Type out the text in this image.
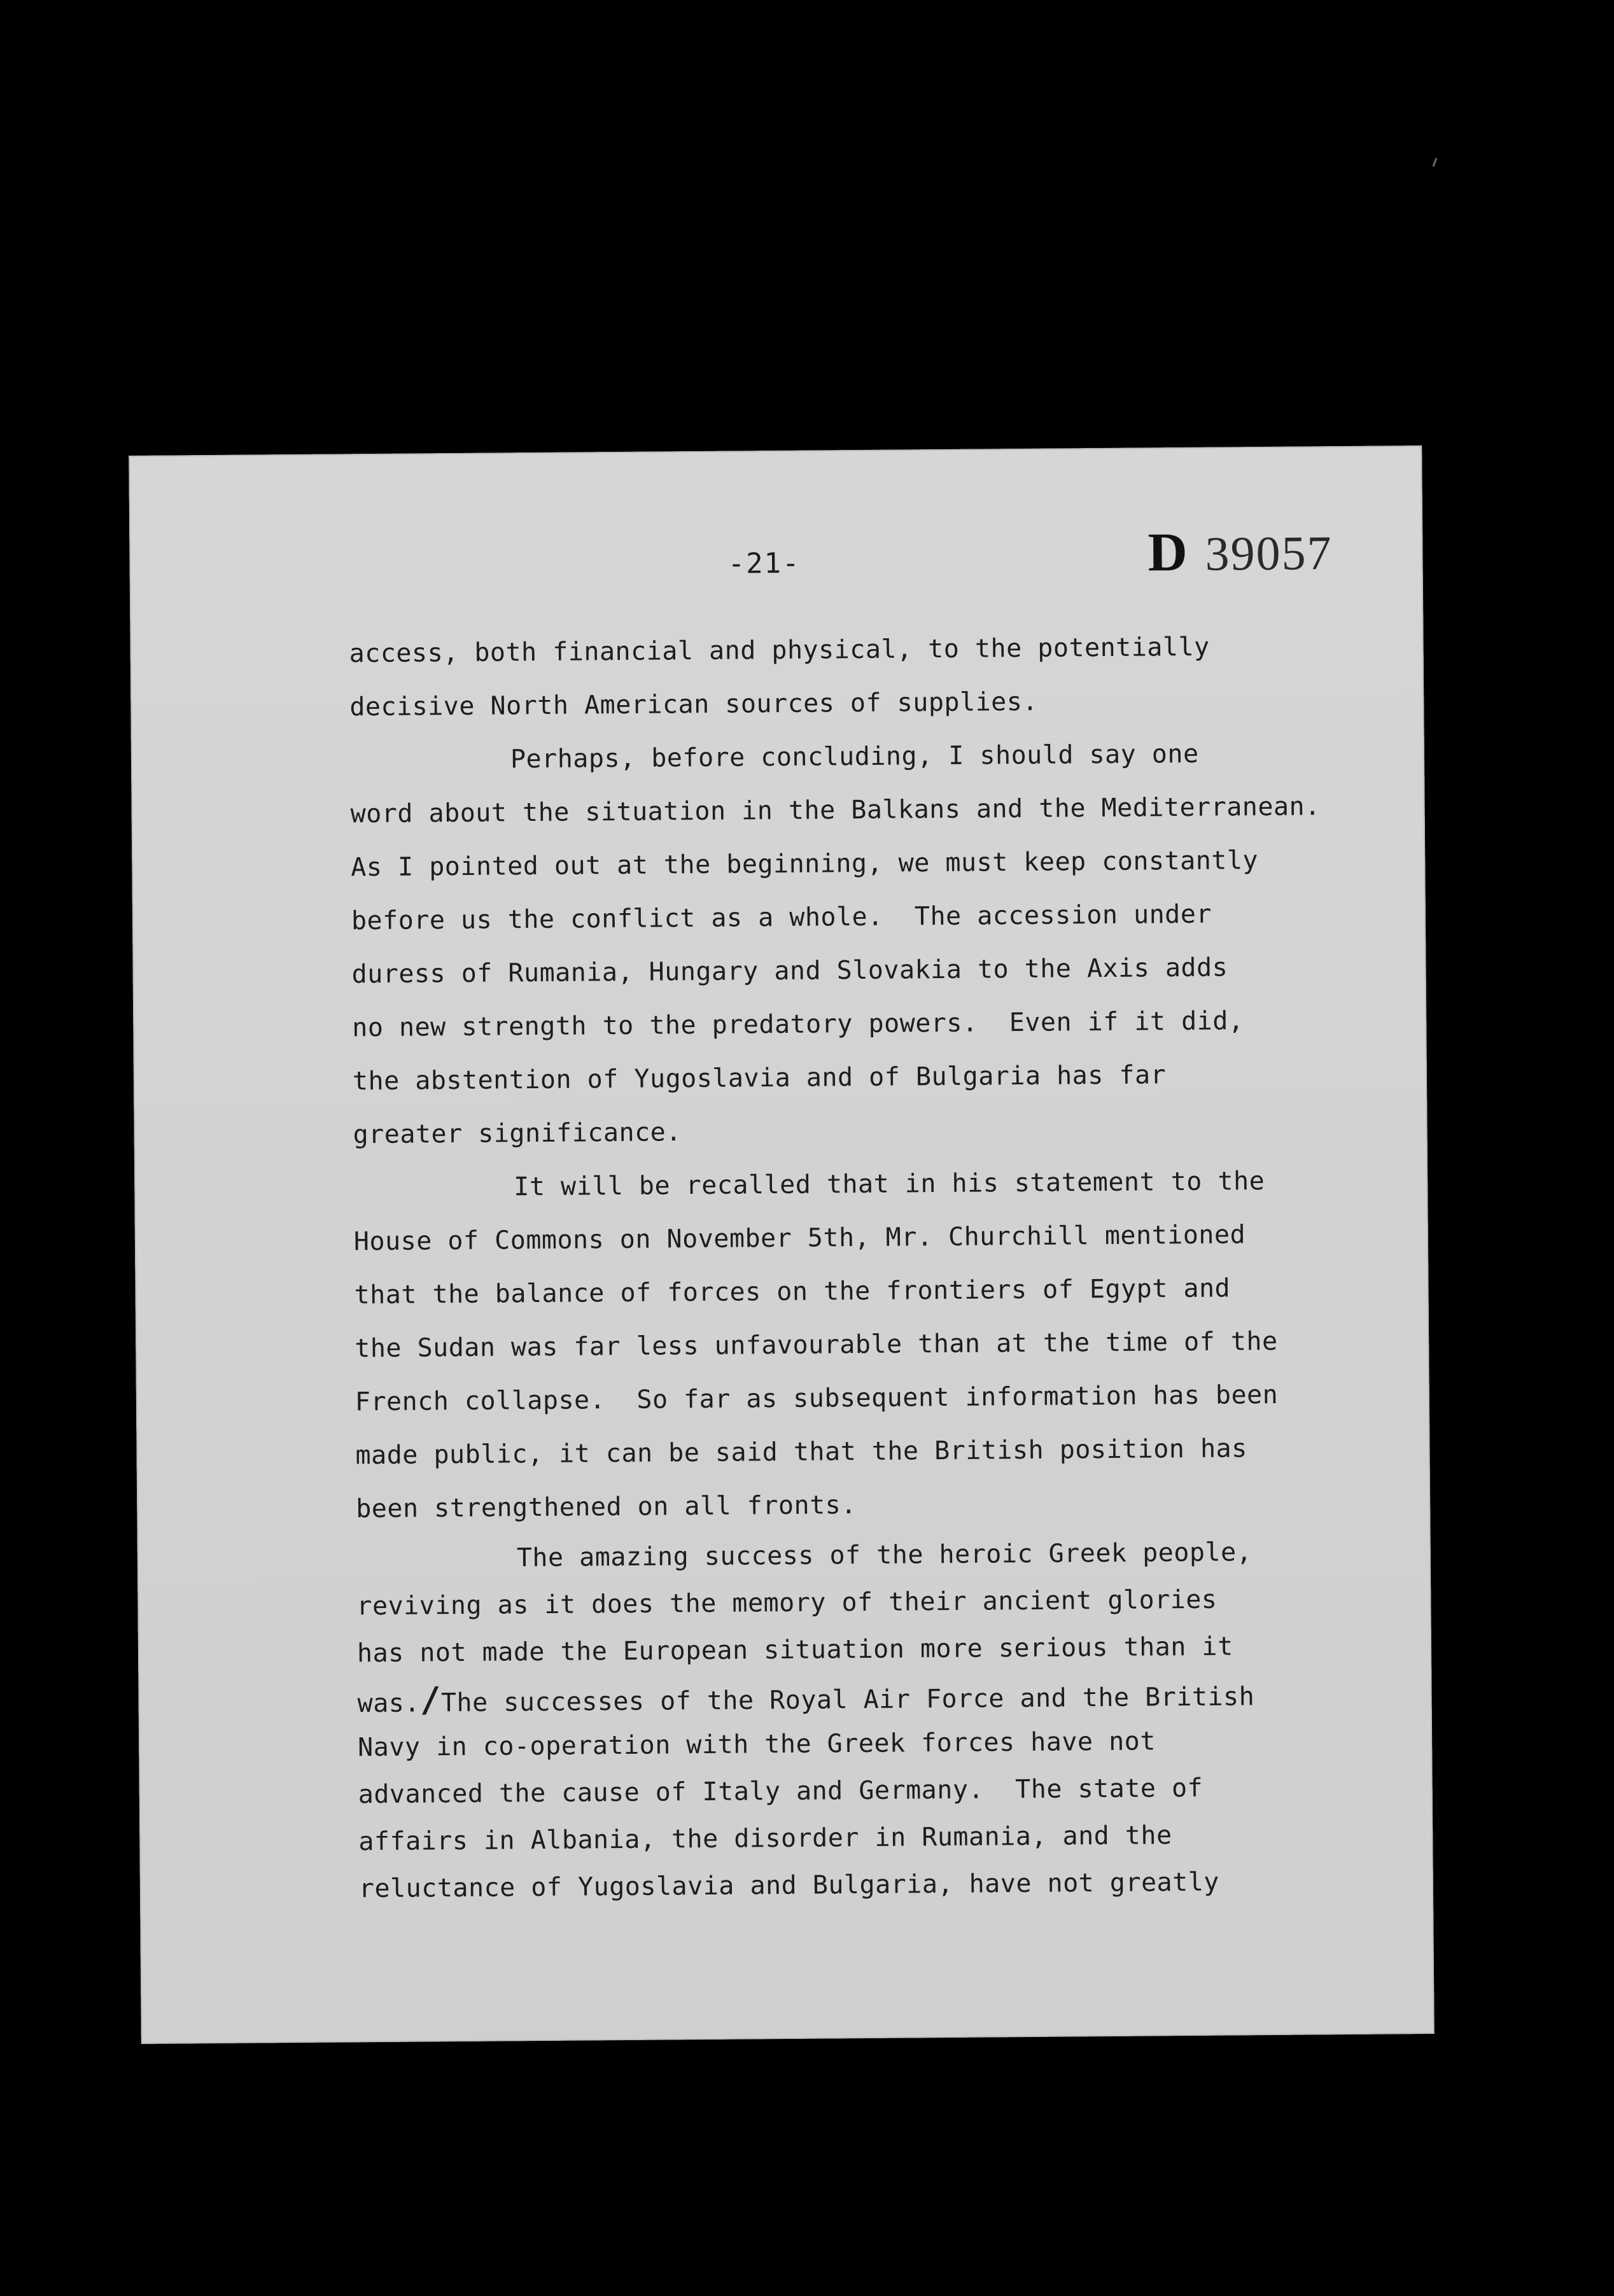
-21-	D 39057
access, both financial and physical, to the potentially
decisive North American sources of supplies.
Perhaps, before concluding, I should say one
word about the situation in the Balkans and the Mediterranean.
As I pointed out at the beginning, we must keep constantly
before us the conflict as a whole.  The accession under
duress of Rumania, Hungary and Slovakia to the Axis adds
no new strength to the predatory powers.  Even if it did,
the abstention of Yugoslavia and of Bulgaria has far
greater significance.
It will be recalled that in his statement to the
House of Commons on November 5th, Mr. Churchill mentioned
that the balance of forces on the frontiers of Egypt and
the Sudan was far less unfavourable than at the time of the
French collapse.  So far as subsequent information has been
made public, it can be said that the British position has
been strengthened on all fronts.
The amazing success of the heroic Greek people,
reviving as it does the memory of their ancient glories
has not made the European situation more serious than it
was./The successes of the Royal Air Force and the British
Navy in co-operation with the Greek forces have not
advanced the cause of Italy and Germany.  The state of
affairs in Albania, the disorder in Rumania, and the
reluctance of Yugoslavia and Bulgaria, have not greatly
